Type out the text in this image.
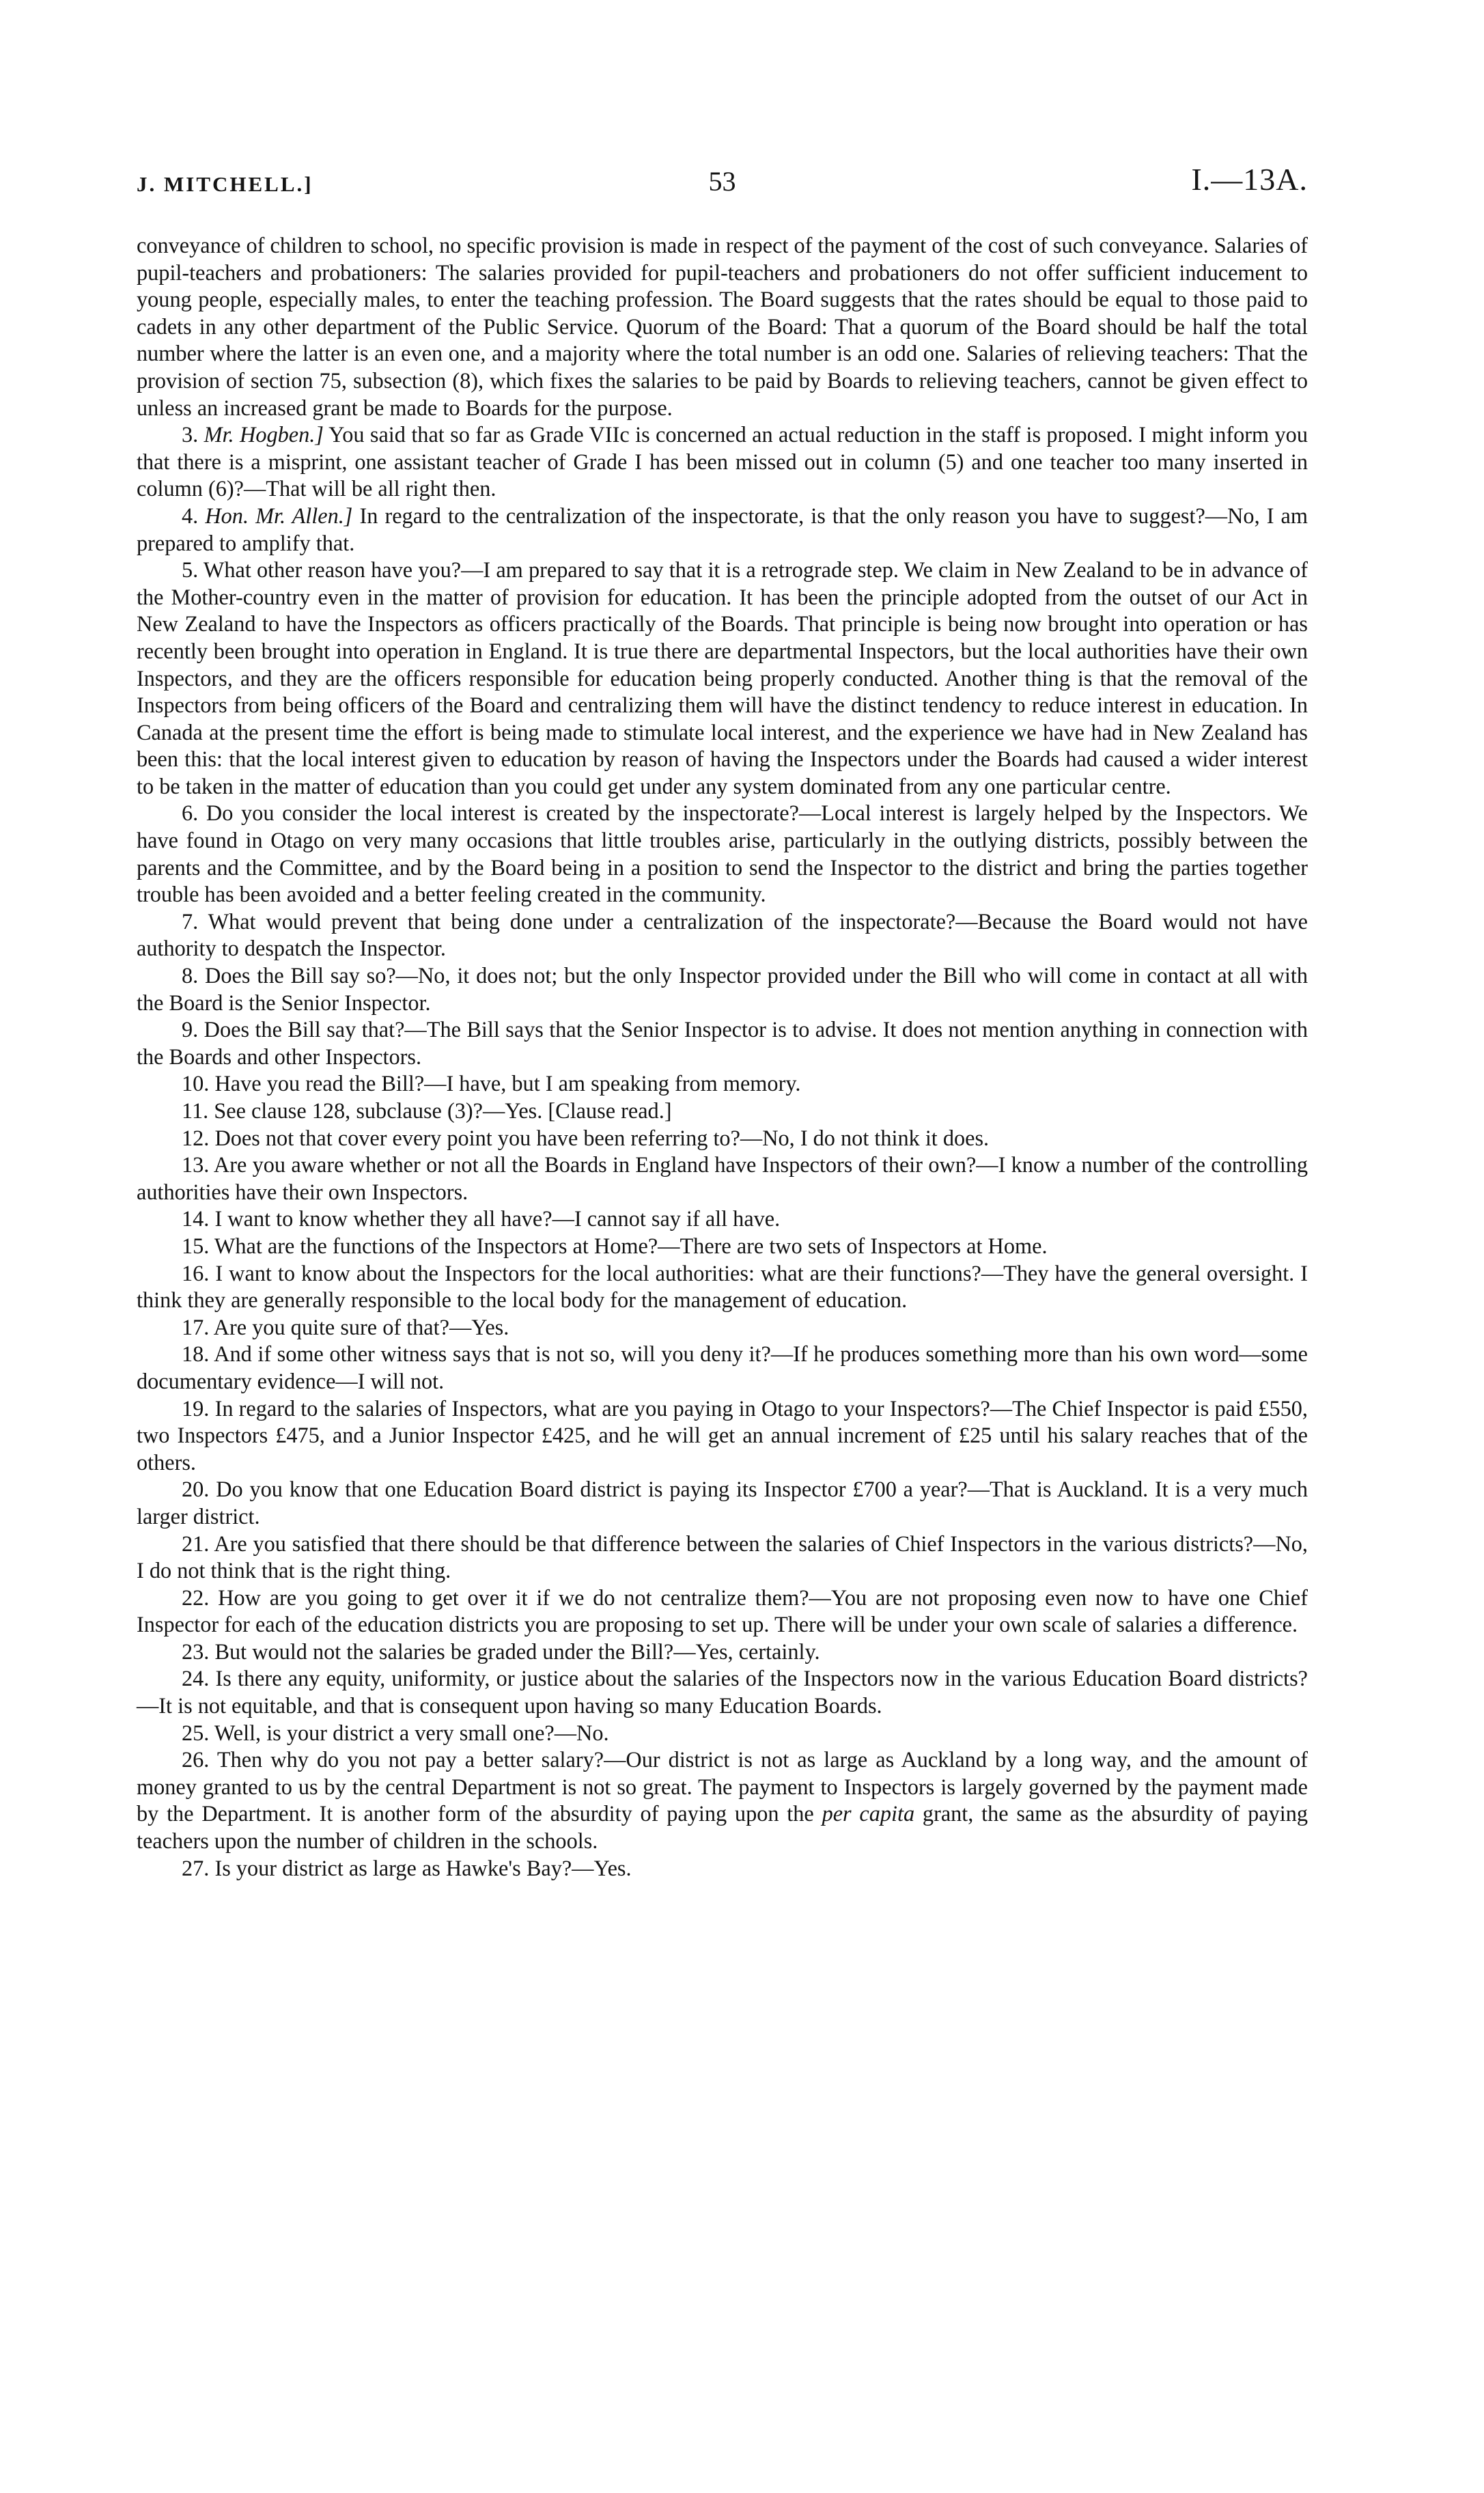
J. MITCHELL.]	53	I.—13A.

conveyance of children to school, no specific provision is made in respect of the payment of the cost of such conveyance. Salaries of pupil-teachers and probationers: The salaries provided for pupil-teachers and probationers do not offer sufficient inducement to young people, especially males, to enter the teaching profession. The Board suggests that the rates should be equal to those paid to cadets in any other department of the Public Service. Quorum of the Board: That a quorum of the Board should be half the total number where the latter is an even one, and a majority where the total number is an odd one. Salaries of relieving teachers: That the provision of section 75, subsection (8), which fixes the salaries to be paid by Boards to relieving teachers, cannot be given effect to unless an increased grant be made to Boards for the purpose.

3. Mr. Hogben.] You said that so far as Grade VIIc is concerned an actual reduction in the staff is proposed. I might inform you that there is a misprint, one assistant teacher of Grade I has been missed out in column (5) and one teacher too many inserted in column (6)?—That will be all right then.

4. Hon. Mr. Allen.] In regard to the centralization of the inspectorate, is that the only reason you have to suggest?—No, I am prepared to amplify that.

5. What other reason have you?—I am prepared to say that it is a retrograde step. We claim in New Zealand to be in advance of the Mother-country even in the matter of provision for education. It has been the principle adopted from the outset of our Act in New Zealand to have the Inspectors as officers practically of the Boards. That principle is being now brought into operation or has recently been brought into operation in England. It is true there are departmental Inspectors, but the local authorities have their own Inspectors, and they are the officers responsible for education being properly conducted. Another thing is that the removal of the Inspectors from being officers of the Board and centralizing them will have the distinct tendency to reduce interest in education. In Canada at the present time the effort is being made to stimulate local interest, and the experience we have had in New Zealand has been this: that the local interest given to education by reason of having the Inspectors under the Boards had caused a wider interest to be taken in the matter of education than you could get under any system dominated from any one particular centre.

6. Do you consider the local interest is created by the inspectorate?—Local interest is largely helped by the Inspectors. We have found in Otago on very many occasions that little troubles arise, particularly in the outlying districts, possibly between the parents and the Committee, and by the Board being in a position to send the Inspector to the district and bring the parties together trouble has been avoided and a better feeling created in the community.

7. What would prevent that being done under a centralization of the inspectorate?—Because the Board would not have authority to despatch the Inspector.

8. Does the Bill say so?—No, it does not; but the only Inspector provided under the Bill who will come in contact at all with the Board is the Senior Inspector.

9. Does the Bill say that?—The Bill says that the Senior Inspector is to advise. It does not mention anything in connection with the Boards and other Inspectors.

10. Have you read the Bill?—I have, but I am speaking from memory.

11. See clause 128, subclause (3)?—Yes. [Clause read.]

12. Does not that cover every point you have been referring to?—No, I do not think it does.

13. Are you aware whether or not all the Boards in England have Inspectors of their own?—I know a number of the controlling authorities have their own Inspectors.

14. I want to know whether they all have?—I cannot say if all have.

15. What are the functions of the Inspectors at Home?—There are two sets of Inspectors at Home.

16. I want to know about the Inspectors for the local authorities: what are their functions?—They have the general oversight. I think they are generally responsible to the local body for the management of education.

17. Are you quite sure of that?—Yes.

18. And if some other witness says that is not so, will you deny it?—If he produces something more than his own word—some documentary evidence—I will not.

19. In regard to the salaries of Inspectors, what are you paying in Otago to your Inspectors?—The Chief Inspector is paid £550, two Inspectors £475, and a Junior Inspector £425, and he will get an annual increment of £25 until his salary reaches that of the others.

20. Do you know that one Education Board district is paying its Inspector £700 a year?—That is Auckland. It is a very much larger district.

21. Are you satisfied that there should be that difference between the salaries of Chief Inspectors in the various districts?—No, I do not think that is the right thing.

22. How are you going to get over it if we do not centralize them?—You are not proposing even now to have one Chief Inspector for each of the education districts you are proposing to set up. There will be under your own scale of salaries a difference.

23. But would not the salaries be graded under the Bill?—Yes, certainly.

24. Is there any equity, uniformity, or justice about the salaries of the Inspectors now in the various Education Board districts?—It is not equitable, and that is consequent upon having so many Education Boards.

25. Well, is your district a very small one?—No.

26. Then why do you not pay a better salary?—Our district is not as large as Auckland by a long way, and the amount of money granted to us by the central Department is not so great. The payment to Inspectors is largely governed by the payment made by the Department. It is another form of the absurdity of paying upon the per capita grant, the same as the absurdity of paying teachers upon the number of children in the schools.

27. Is your district as large as Hawke's Bay?—Yes.
